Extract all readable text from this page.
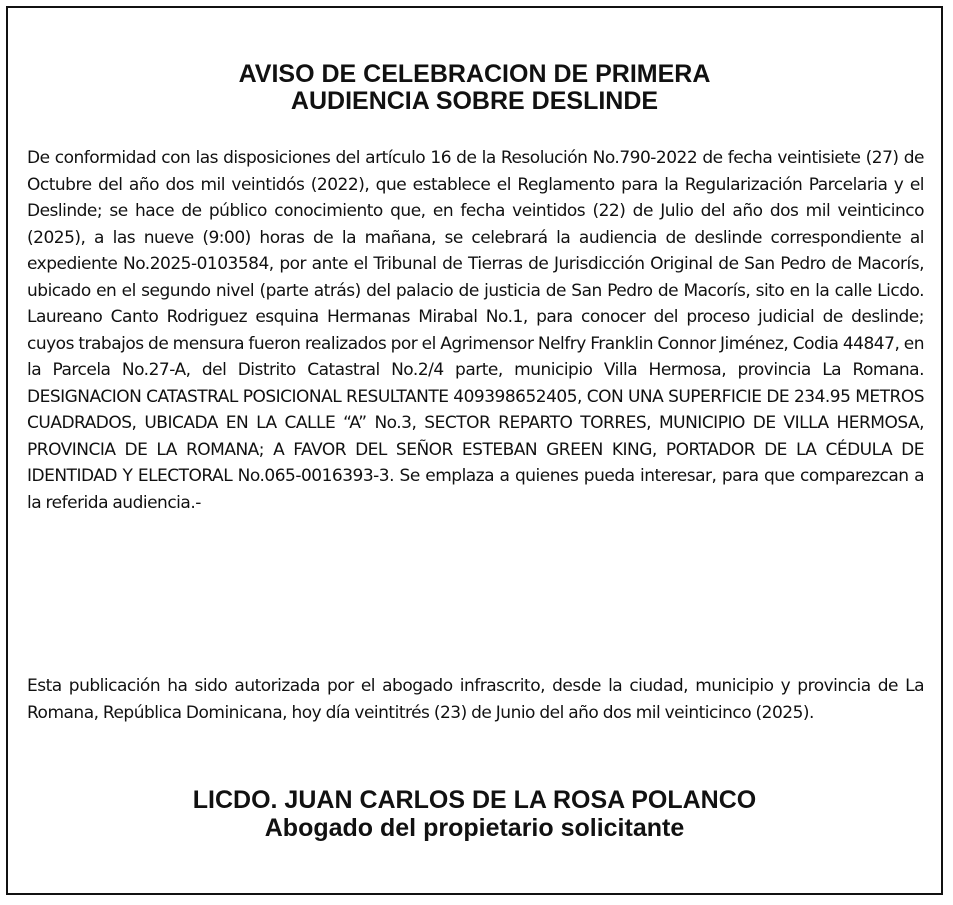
AVISO DE CELEBRACION DE PRIMERA
AUDIENCIA SOBRE DESLINDE

De conformidad con las disposiciones del artículo 16 de la Resolución No.790-2022 de fecha veintisiete (27) de Octubre del año dos mil veintidós (2022), que establece el Reglamento para la Regularización Parcelaria y el Deslinde; se hace de público conocimiento que, en fecha veintidos (22) de Julio del año dos mil veinticinco (2025), a las nueve (9:00) horas de la mañana, se celebrará la audiencia de deslinde correspondiente al expediente No.2025-0103584, por ante el Tribunal de Tierras de Jurisdicción Original de San Pedro de Macorís, ubicado en el segundo nivel (parte atrás) del palacio de justicia de San Pedro de Macorís, sito en la calle Licdo. Laureano Canto Rodriguez esquina Hermanas Mirabal No.1, para conocer del proceso judicial de deslinde; cuyos trabajos de mensura fueron realizados por el Agrimensor Nelfry Franklin Connor Jiménez, Codia 44847, en la Parcela No.27-A, del Distrito Catastral No.2/4 parte, municipio Villa Hermosa, provincia La Romana. DESIGNACION CATASTRAL POSICIONAL RESULTANTE 409398652405, CON UNA SUPERFICIE DE 234.95 METROS CUADRADOS, UBICADA EN LA CALLE “A” No.3, SECTOR REPARTO TORRES, MUNICIPIO DE VILLA HERMOSA, PROVINCIA DE LA ROMANA; A FAVOR DEL SEÑOR ESTEBAN GREEN KING, PORTADOR DE LA CÉDULA DE IDENTIDAD Y ELECTORAL No.065-0016393-3. Se emplaza a quienes pueda interesar, para que comparezcan a la referida audiencia.-

Esta publicación ha sido autorizada por el abogado infrascrito, desde la ciudad, municipio y provincia de La Romana, República Dominicana, hoy día veintitrés (23) de Junio del año dos mil veinticinco (2025).

LICDO. JUAN CARLOS DE LA ROSA POLANCO
Abogado del propietario solicitante
